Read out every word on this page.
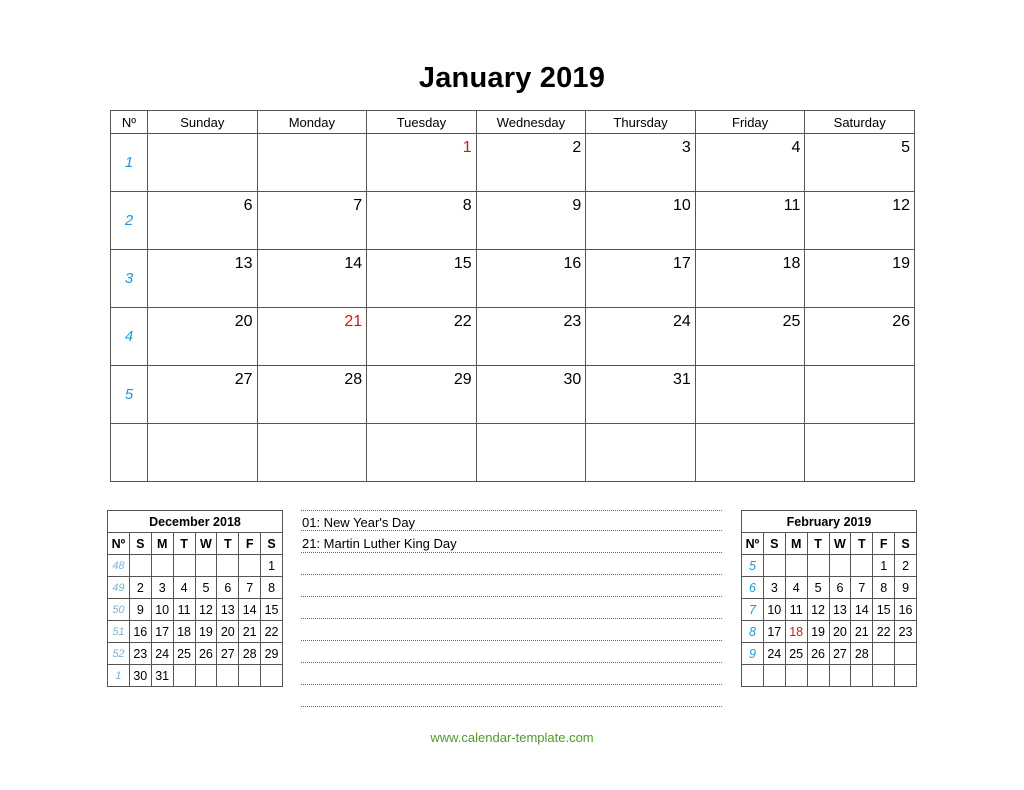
January 2019
Nº	Sunday	Monday	Tuesday	Wednesday	Thursday	Friday	Saturday
1			1	2	3	4	5

2	6	7	8	9	10	11	12

3	13	14	15	16	17	18	19

4	20	21	22	23	24	25	26

5	27	28	29	30	31		

December 2018							
Nº	S	M	T	W	T	F	S
48							1
49	2	3	4	5	6	7	8
50	9	10	11	12	13	14	15
51	16	17	18	19	20	21	22
52	23	24	25	26	27	28	29
1	30	31					
01: New Year's Day
21: Martin Luther King Day
February 2019							
Nº	S	M	T	W	T	F	S
5						1	2
6	3	4	5	6	7	8	9
7	10	11	12	13	14	15	16
8	17	18	19	20	21	22	23
9	24	25	26	27	28		

www.calendar-template.com
